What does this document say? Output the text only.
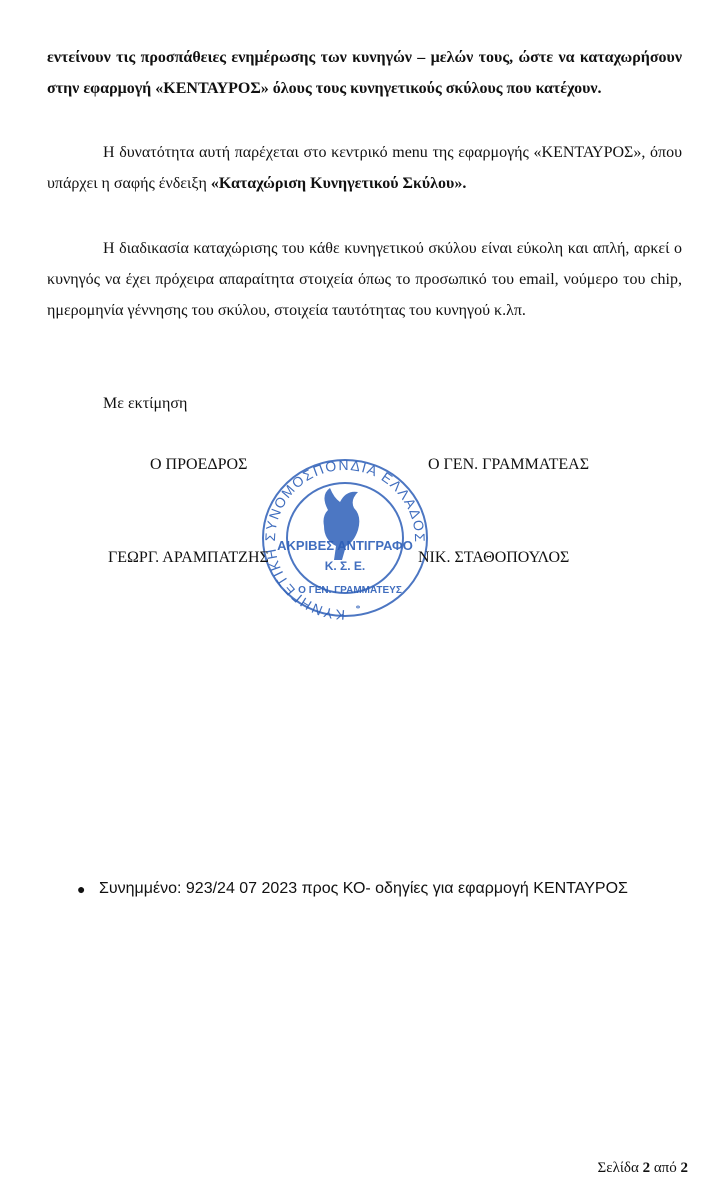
εντείνουν τις προσπάθειες ενημέρωσης των κυνηγών – μελών τους, ώστε να καταχωρήσουν στην εφαρμογή «ΚΕΝΤΑΥΡΟΣ» όλους τους κυνηγετικούς σκύλους που κατέχουν.
Η δυνατότητα αυτή παρέχεται στο κεντρικό menu της εφαρμογής «ΚΕΝΤΑΥΡΟΣ», όπου υπάρχει η σαφής ένδειξη «Καταχώριση Κυνηγετικού Σκύλου».
Η διαδικασία καταχώρισης του κάθε κυνηγετικού σκύλου είναι εύκολη και απλή, αρκεί ο κυνηγός να έχει πρόχειρα απαραίτητα στοιχεία όπως το προσωπικό του email, νούμερο του chip, ημερομηνία γέννησης του σκύλου, στοιχεία ταυτότητας του κυνηγού κ.λπ.
Με εκτίμηση
ΚΥΝΗΓΕΤΙΚΗ ΣΥΝΟΜΟΣΠΟΝΔΙΑ ΕΛΛΑΔΟΣ
ΑΚΡΙΒΕΣ ΑΝΤΙΓΡΑΦΟ
Κ. Σ. Ε.
Ο ΓΕΝ. ΓΡΑΜΜΑΤΕΥΣ
*
Ο ΠΡΟΕΔΡΟΣ	Ο ΓΕΝ. ΓΡΑΜΜΑΤΕΑΣ
ΓΕΩΡΓ. ΑΡΑΜΠΑΤΖΗΣ	ΝΙΚ. ΣΤΑΘΟΠΟΥΛΟΣ
● Συνημμένο: 923/24 07 2023 προς ΚΟ- οδηγίες για εφαρμογή ΚΕΝΤΑΥΡΟΣ
Σελίδα 2 από 2
